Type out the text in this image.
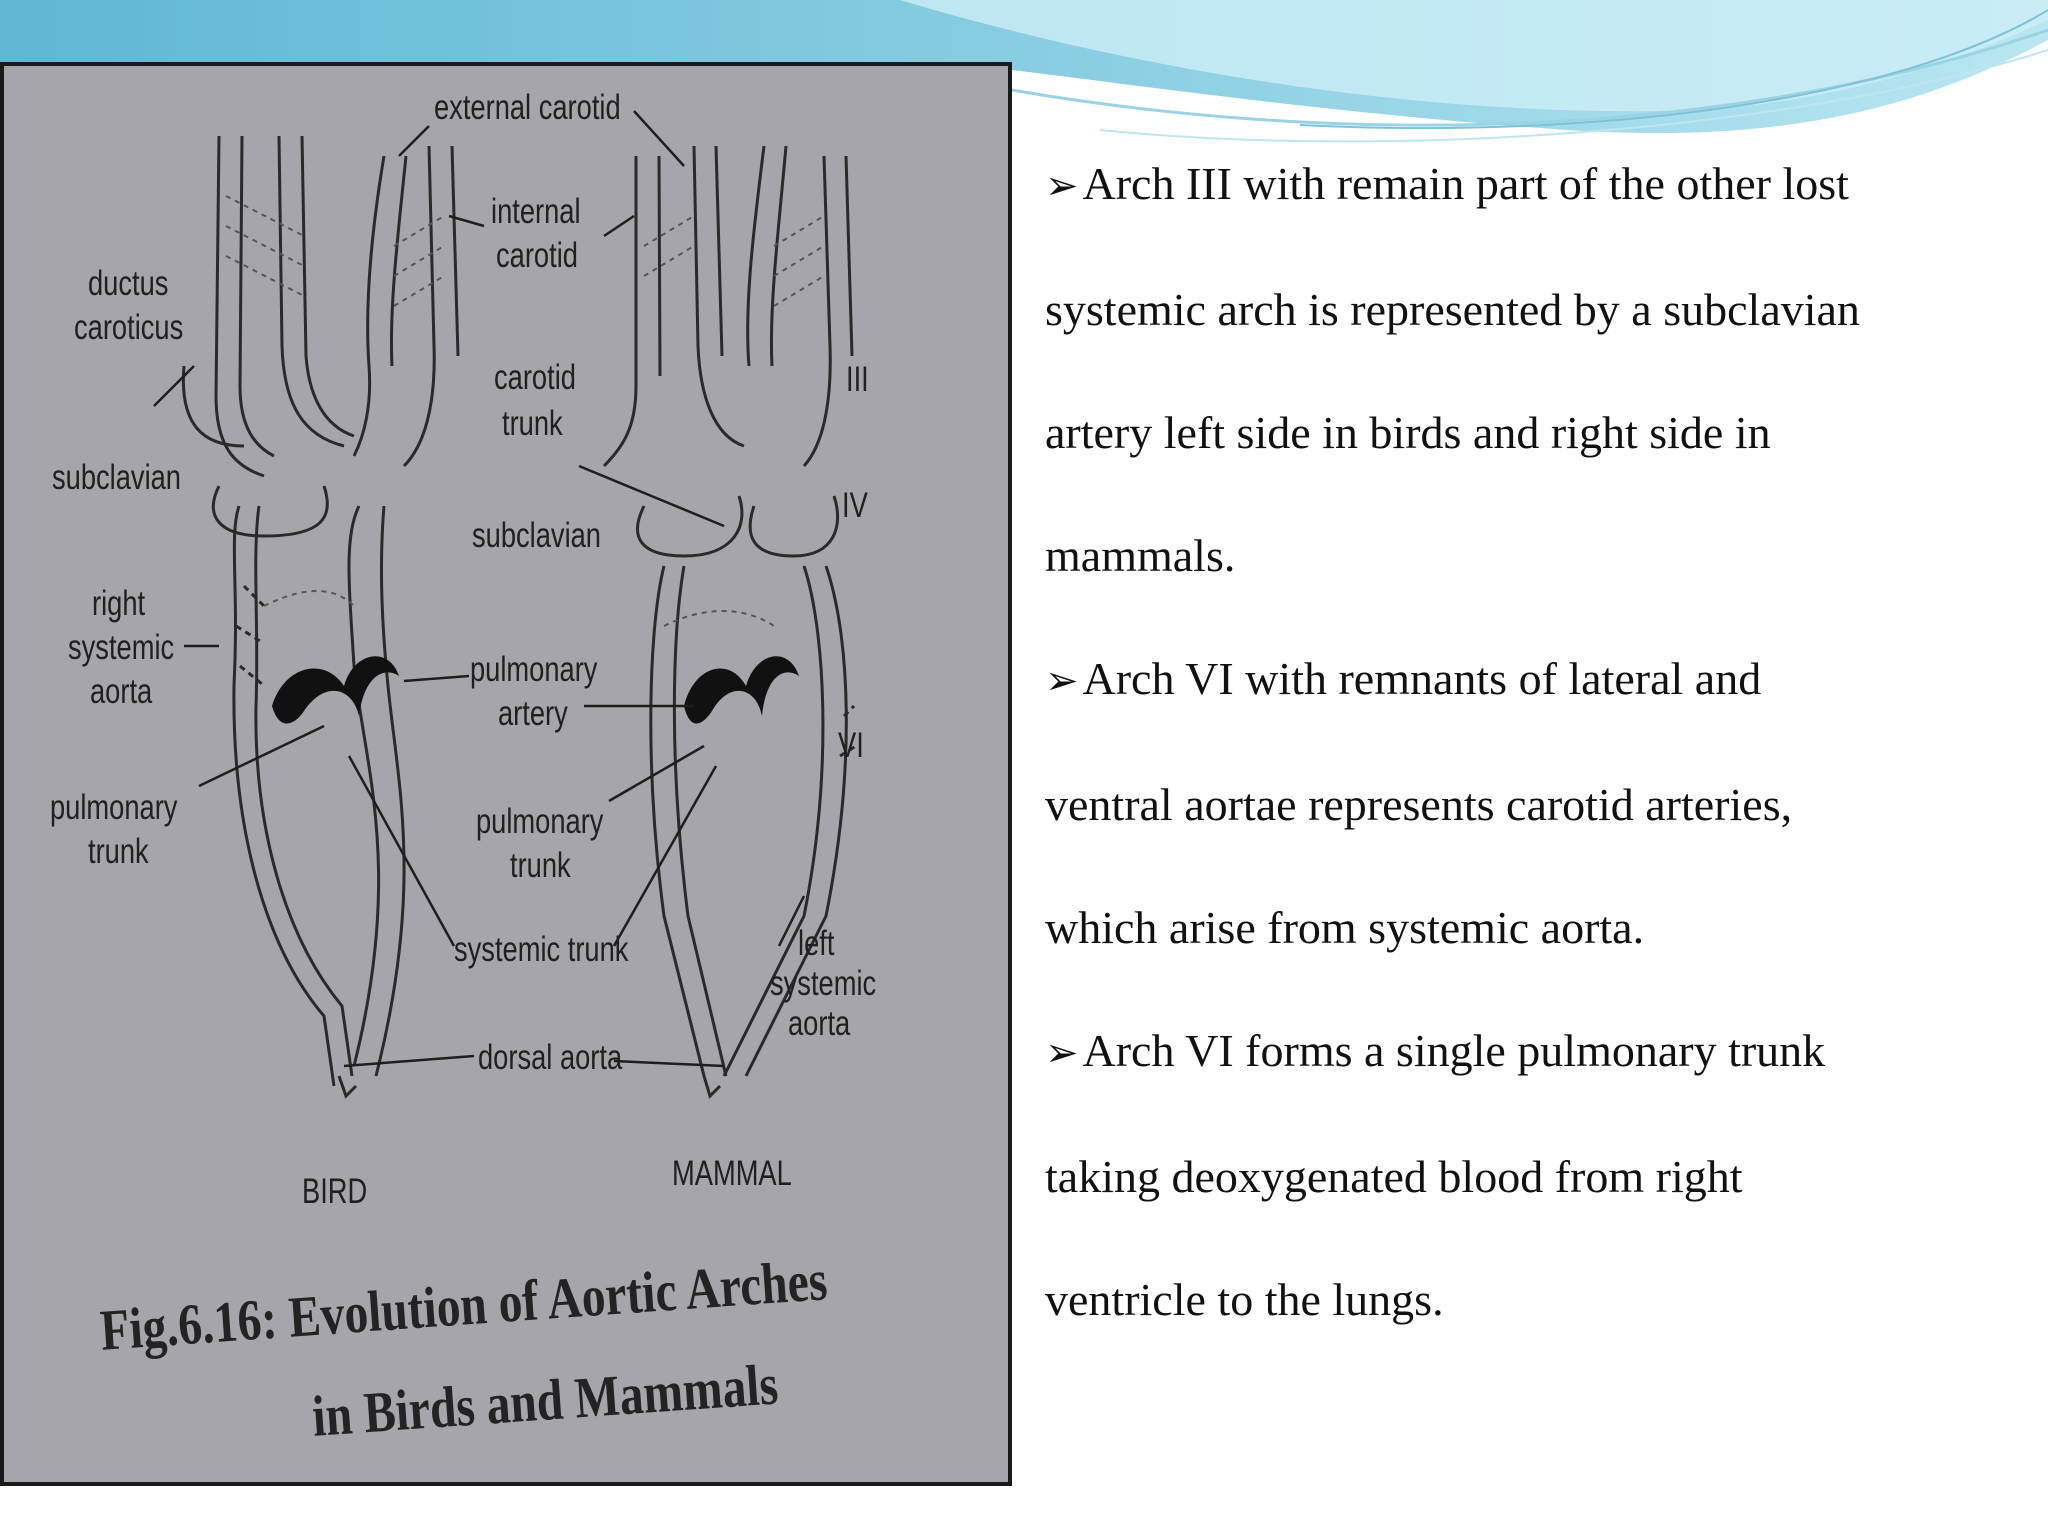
external carotid
internal
carotid
ductus
caroticus
subclavian
carotid
trunk
subclavian
right
systemic
aorta
pulmonary
artery
pulmonary
trunk
pulmonary
trunk
systemic trunk
dorsal aorta
left
systemic
aorta
III
IV
VI
BIRD	MAMMAL
Fig.6.16: Evolution of Aortic Arches
in Birds and Mammals

➢Arch III with remain part of the other lost

systemic arch is represented by a subclavian

artery left side in birds and right side in

mammals.

➢Arch VI with remnants of lateral and

ventral aortae represents carotid arteries,

which arise from systemic aorta.

➢Arch VI forms a single pulmonary trunk

taking deoxygenated blood from right

ventricle to the lungs.
